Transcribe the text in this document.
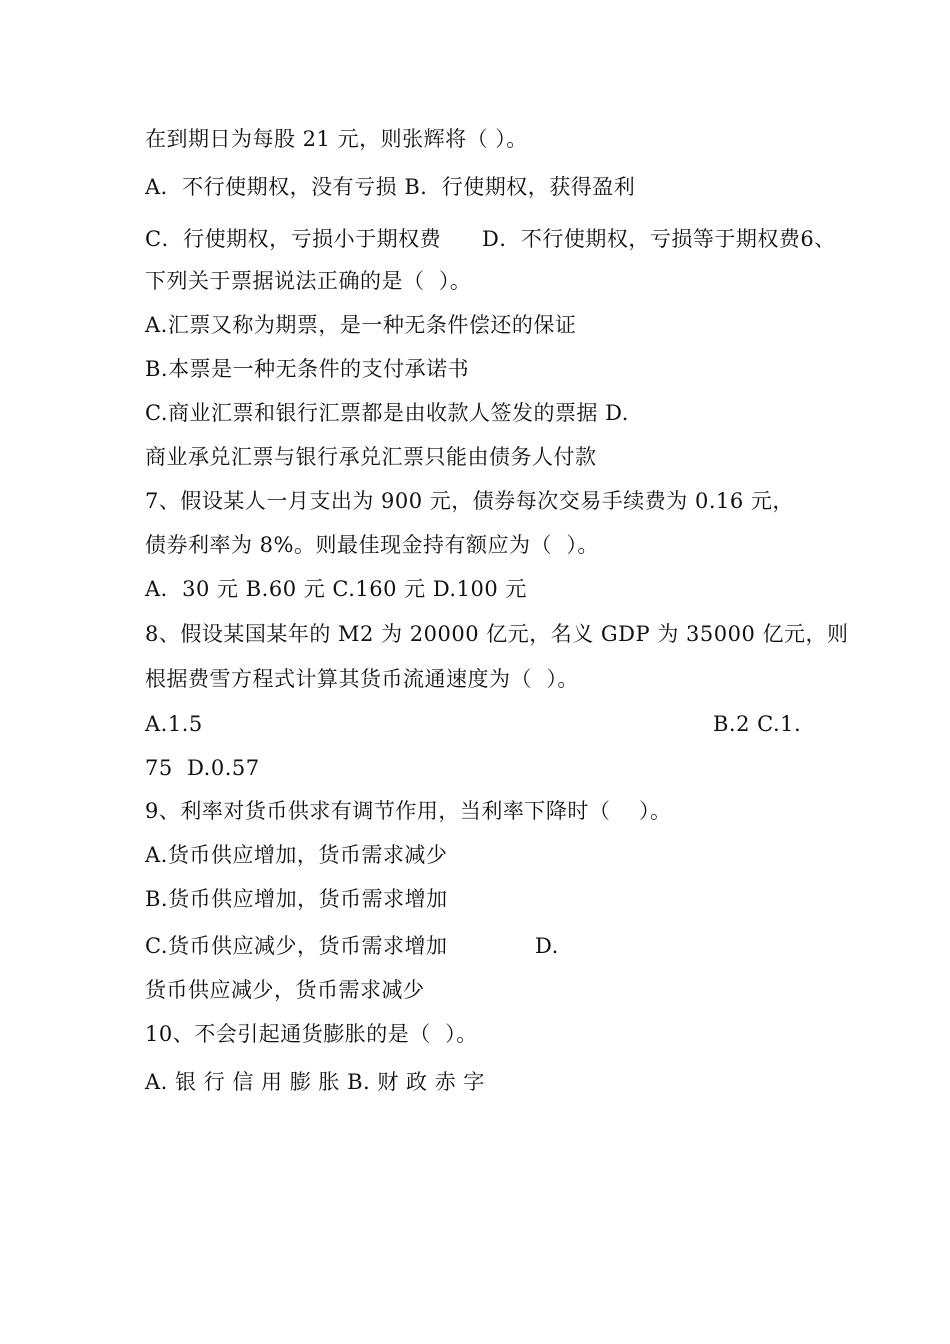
在到期日为每股 21 元，则张辉将（ ）。
A．不行使期权，没有亏损 B．行使期权，获得盈利
C．行使期权，亏损小于期权费 D．不行使期权，亏损等于期权费6、
下列关于票据说法正确的是（  ）。
A.汇票又称为期票，是一种无条件偿还的保证
B.本票是一种无条件的支付承诺书
C.商业汇票和银行汇票都是由收款人签发的票据 D.
商业承兑汇票与银行承兑汇票只能由债务人付款
7、假设某人一月支出为 900 元，债券每次交易手续费为 0.16 元，
债券利率为 8%。则最佳现金持有额应为（  ）。
A．30 元 B.60 元 C.160 元 D.100 元
8、假设某国某年的 M2 为 20000 亿元，名义 GDP 为 35000 亿元，则
根据费雪方程式计算其货币流通速度为（  ）。
A.1.5	B.2 C.1.
75  D.0.57
9、利率对货币供求有调节作用，当利率下降时（    ）。
A.货币供应增加，货币需求减少
B.货币供应增加，货币需求增加
C.货币供应减少，货币需求增加	D.
货币供应减少，货币需求减少
10、不会引起通货膨胀的是（  ）。
A. 银 行 信 用 膨 胀 B. 财 政 赤 字
